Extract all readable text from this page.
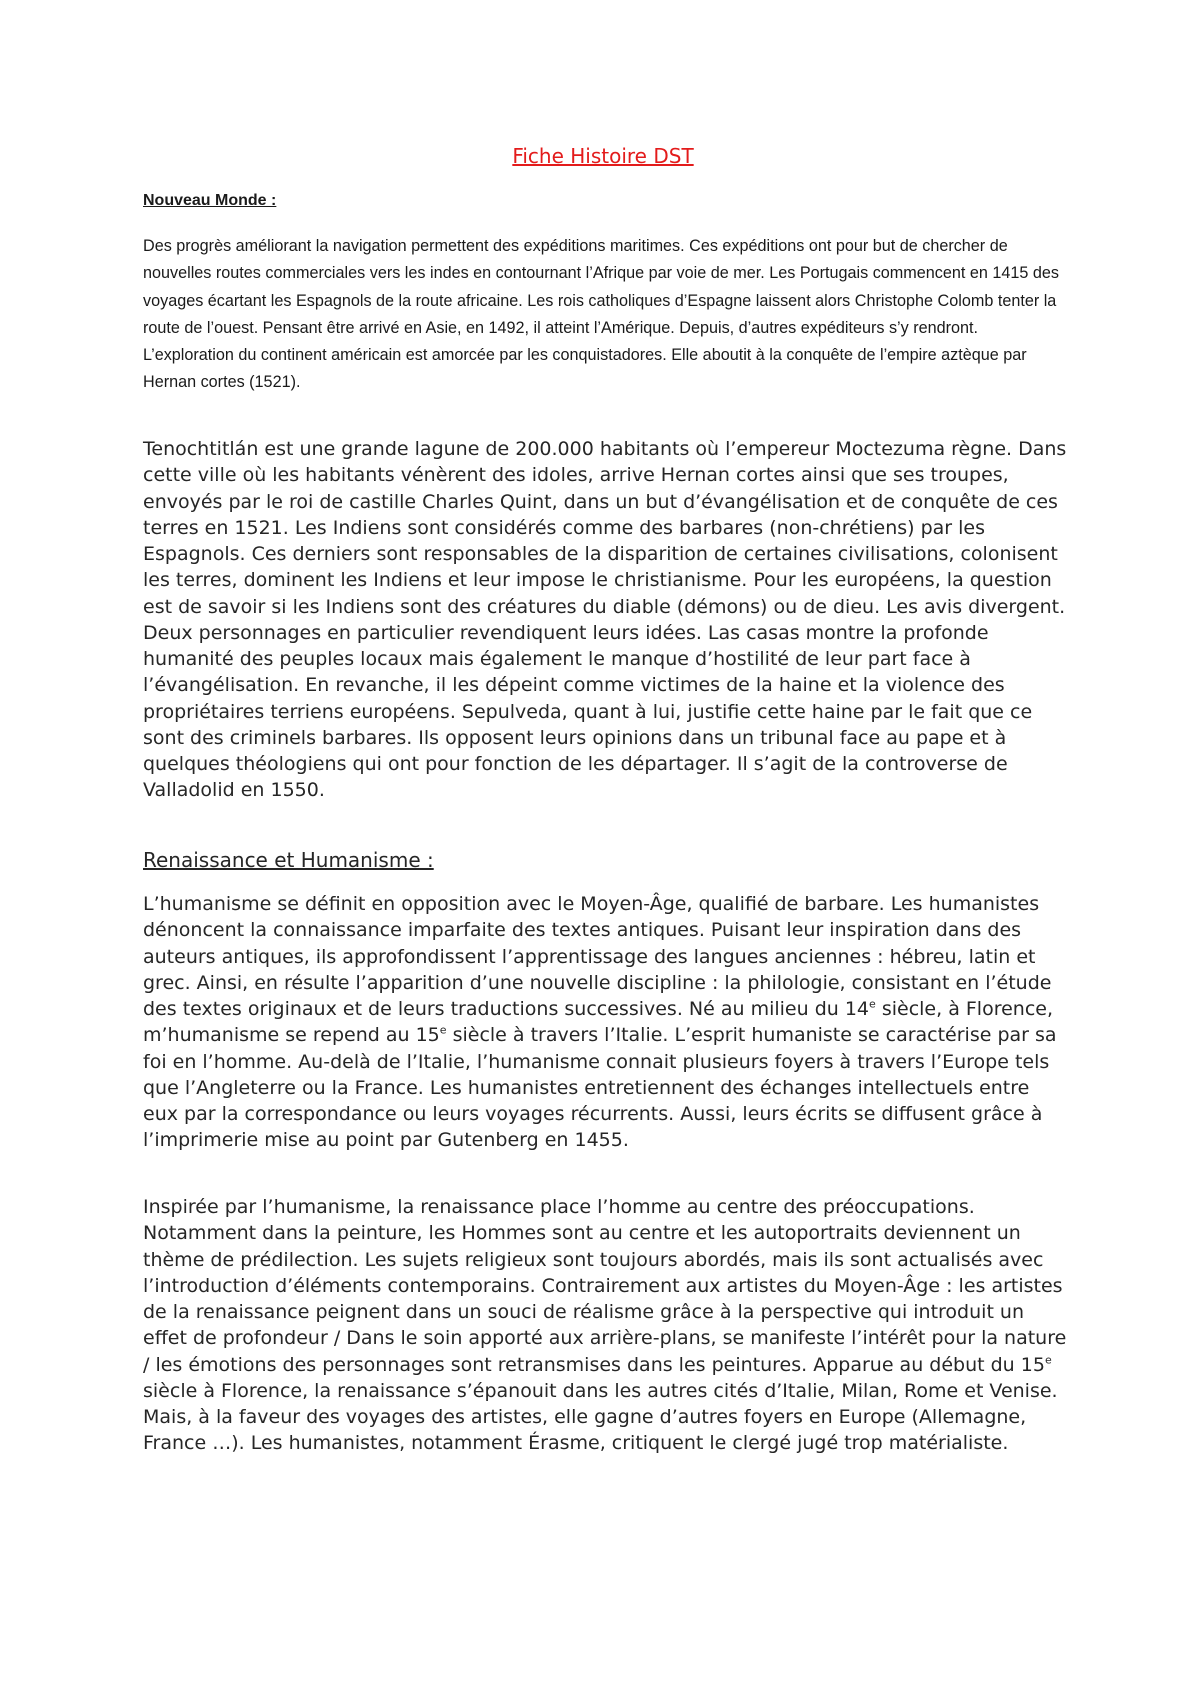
Fiche Histoire DST
Nouveau Monde :

Des progrès améliorant la navigation permettent des expéditions maritimes. Ces expéditions ont pour but de chercher de nouvelles routes commerciales vers les indes en contournant l’Afrique par voie de mer. Les Portugais commencent en 1415 des voyages écartant les Espagnols de la route africaine. Les rois catholiques d’Espagne laissent alors Christophe Colomb tenter la route de l’ouest. Pensant être arrivé en Asie, en 1492, il atteint l’Amérique. Depuis, d’autres expéditeurs s’y rendront. L’exploration du continent américain est amorcée par les conquistadores. Elle aboutit à la conquête de l’empire aztèque par Hernan cortes (1521).

Tenochtitlán est une grande lagune de 200.000 habitants où l’empereur Moctezuma règne. Dans cette ville où les habitants vénèrent des idoles, arrive Hernan cortes ainsi que ses troupes, envoyés par le roi de castille Charles Quint, dans un but d’évangélisation et de conquête de ces terres en 1521. Les Indiens sont considérés comme des barbares (non-chrétiens) par les Espagnols. Ces derniers sont responsables de la disparition de certaines civilisations, colonisent les terres, dominent les Indiens et leur impose le christianisme. Pour les européens, la question est de savoir si les Indiens sont des créatures du diable (démons) ou de dieu. Les avis divergent. Deux personnages en particulier revendiquent leurs idées. Las casas montre la profonde humanité des peuples locaux mais également le manque d’hostilité de leur part face à l’évangélisation. En revanche, il les dépeint comme victimes de la haine et la violence des propriétaires terriens européens. Sepulveda, quant à lui, justifie cette haine par le fait que ce sont des criminels barbares. Ils opposent leurs opinions dans un tribunal face au pape et à quelques théologiens qui ont pour fonction de les départager. Il s’agit de la controverse de Valladolid en 1550.

Renaissance et Humanisme :

L’humanisme se définit en opposition avec le Moyen-Âge, qualifié de barbare. Les humanistes dénoncent la connaissance imparfaite des textes antiques. Puisant leur inspiration dans des auteurs antiques, ils approfondissent l’apprentissage des langues anciennes : hébreu, latin et grec. Ainsi, en résulte l’apparition d’une nouvelle discipline : la philologie, consistant en l’étude des textes originaux et de leurs traductions successives. Né au milieu du 14e siècle, à Florence, m’humanisme se repend au 15e siècle à travers l’Italie. L’esprit humaniste se caractérise par sa foi en l’homme. Au-delà de l’Italie, l’humanisme connait plusieurs foyers à travers l’Europe tels que l’Angleterre ou la France. Les humanistes entretiennent des échanges intellectuels entre eux par la correspondance ou leurs voyages récurrents. Aussi, leurs écrits se diffusent grâce à l’imprimerie mise au point par Gutenberg en 1455.

Inspirée par l’humanisme, la renaissance place l’homme au centre des préoccupations. Notamment dans la peinture, les Hommes sont au centre et les autoportraits deviennent un thème de prédilection. Les sujets religieux sont toujours abordés, mais ils sont actualisés avec l’introduction d’éléments contemporains. Contrairement aux artistes du Moyen-Âge : les artistes de la renaissance peignent dans un souci de réalisme grâce à la perspective qui introduit un effet de profondeur / Dans le soin apporté aux arrière-plans, se manifeste l’intérêt pour la nature / les émotions des personnages sont retransmises dans les peintures. Apparue au début du 15e siècle à Florence, la renaissance s’épanouit dans les autres cités d’Italie, Milan, Rome et Venise. Mais, à la faveur des voyages des artistes, elle gagne d’autres foyers en Europe (Allemagne, France …). Les humanistes, notamment Érasme, critiquent le clergé jugé trop matérialiste.
